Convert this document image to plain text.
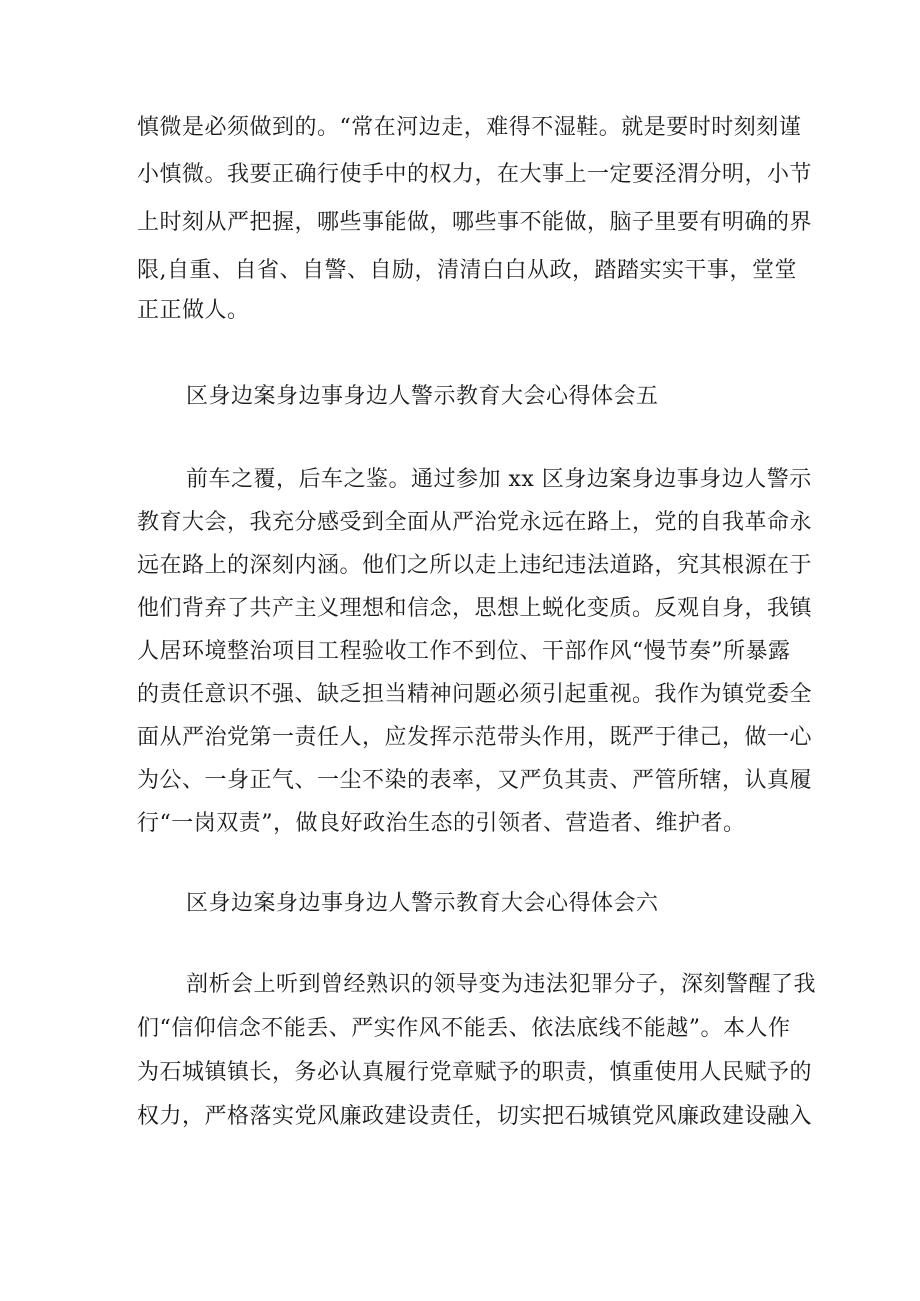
慎微是必须做到的。“常在河边走，难得不湿鞋。就是要时时刻刻谨
小慎微。我要正确行使手中的权力，在大事上一定要泾渭分明，小节
上时刻从严把握，哪些事能做，哪些事不能做，脑子里要有明确的界
限,自重、自省、自警、自励，清清白白从政，踏踏实实干事，堂堂
正正做人。
区身边案身边事身边人警示教育大会心得体会五
前车之覆，后车之鉴。通过参加 xx 区身边案身边事身边人警示
教育大会，我充分感受到全面从严治党永远在路上，党的自我革命永
远在路上的深刻内涵。他们之所以走上违纪违法道路，究其根源在于
他们背弃了共产主义理想和信念，思想上蜕化变质。反观自身，我镇
人居环境整治项目工程验收工作不到位、干部作风“慢节奏”所暴露
的责任意识不强、缺乏担当精神问题必须引起重视。我作为镇党委全
面从严治党第一责任人，应发挥示范带头作用，既严于律己，做一心
为公、一身正气、一尘不染的表率，又严负其责、严管所辖，认真履
行“一岗双责”，做良好政治生态的引领者、营造者、维护者。
区身边案身边事身边人警示教育大会心得体会六
剖析会上听到曾经熟识的领导变为违法犯罪分子，深刻警醒了我
们“信仰信念不能丢、严实作风不能丢、依法底线不能越”。本人作
为石城镇镇长，务必认真履行党章赋予的职责，慎重使用人民赋予的
权力，严格落实党风廉政建设责任，切实把石城镇党风廉政建设融入
